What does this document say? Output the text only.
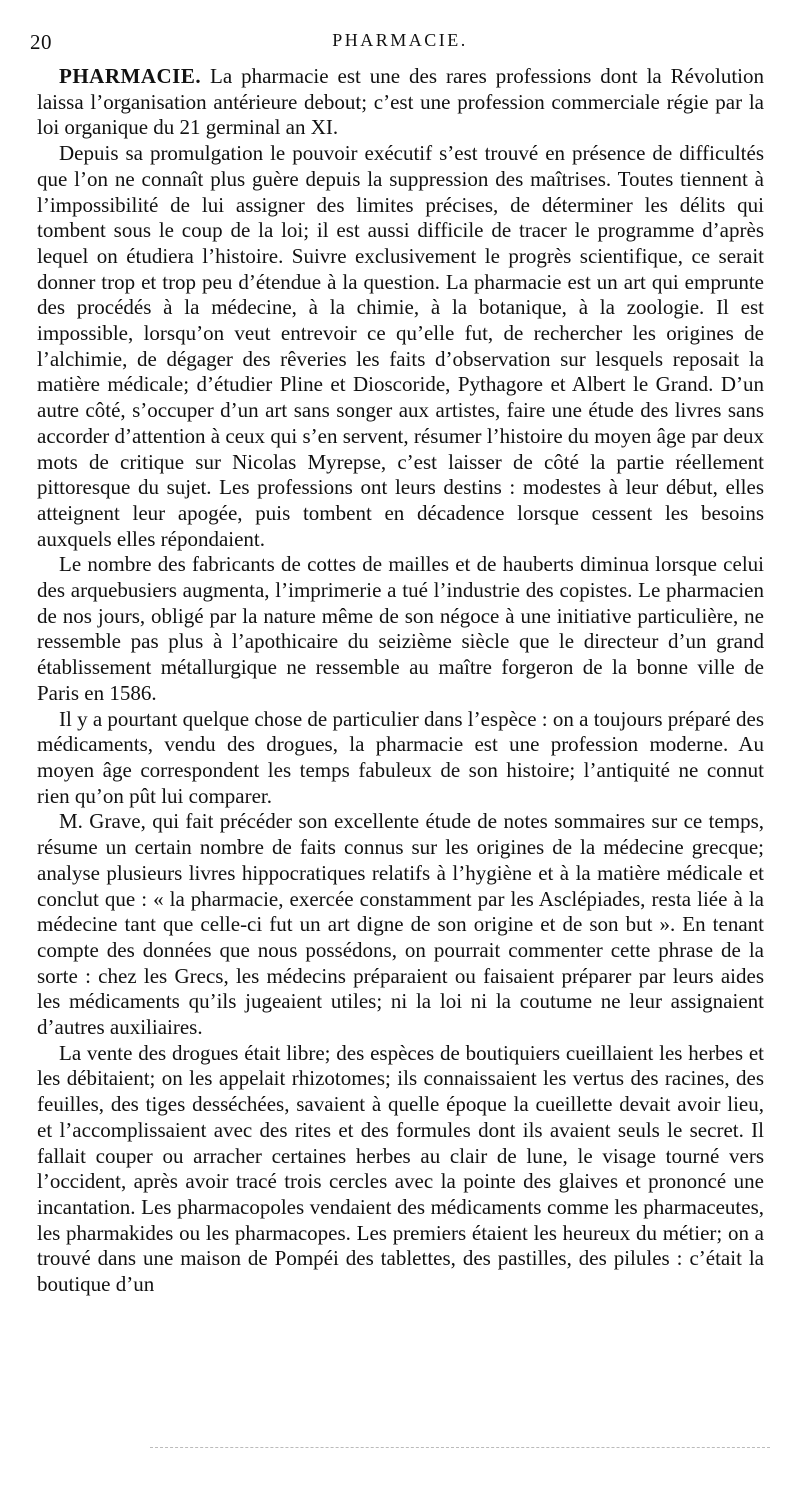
20	PHARMACIE.

PHARMACIE. La pharmacie est une des rares professions dont la Révolution laissa l’organisation antérieure debout; c’est une profession commerciale régie par la loi organique du 21 germinal an XI.

Depuis sa promulgation le pouvoir exécutif s’est trouvé en présence de difficultés que l’on ne connaît plus guère depuis la suppression des maîtrises. Toutes tiennent à l’impossibilité de lui assigner des limites précises, de déterminer les délits qui tombent sous le coup de la loi; il est aussi difficile de tracer le programme d’après lequel on étudiera l’histoire. Suivre exclusivement le progrès scientifique, ce serait donner trop et trop peu d’étendue à la question. La pharmacie est un art qui emprunte des procédés à la médecine, à la chimie, à la botanique, à la zoologie. Il est impossible, lorsqu’on veut entrevoir ce qu’elle fut, de rechercher les origines de l’alchimie, de dégager des rêveries les faits d’observation sur lesquels reposait la matière médicale; d’étudier Pline et Dioscoride, Pythagore et Albert le Grand. D’un autre côté, s’occuper d’un art sans songer aux artistes, faire une étude des livres sans accorder d’attention à ceux qui s’en servent, résumer l’histoire du moyen âge par deux mots de critique sur Nicolas Myrepse, c’est laisser de côté la partie réellement pittoresque du sujet. Les professions ont leurs destins : modestes à leur début, elles atteignent leur apogée, puis tombent en décadence lorsque cessent les besoins auxquels elles répondaient.

Le nombre des fabricants de cottes de mailles et de hauberts diminua lorsque celui des arquebusiers augmenta, l’imprimerie a tué l’industrie des copistes. Le pharmacien de nos jours, obligé par la nature même de son négoce à une initiative particulière, ne ressemble pas plus à l’apothicaire du seizième siècle que le directeur d’un grand établissement métallurgique ne ressemble au maître forgeron de la bonne ville de Paris en 1586.

Il y a pourtant quelque chose de particulier dans l’espèce : on a toujours préparé des médicaments, vendu des drogues, la pharmacie est une profession moderne. Au moyen âge correspondent les temps fabuleux de son histoire; l’antiquité ne connut rien qu’on pût lui comparer.

M. Grave, qui fait précéder son excellente étude de notes sommaires sur ce temps, résume un certain nombre de faits connus sur les origines de la médecine grecque; analyse plusieurs livres hippocratiques relatifs à l’hygiène et à la matière médicale et conclut que : « la pharmacie, exercée constamment par les Asclépiades, resta liée à la médecine tant que celle-ci fut un art digne de son origine et de son but ». En tenant compte des données que nous possédons, on pourrait commenter cette phrase de la sorte : chez les Grecs, les médecins préparaient ou faisaient préparer par leurs aides les médicaments qu’ils jugeaient utiles; ni la loi ni la coutume ne leur assignaient d’autres auxiliaires.

La vente des drogues était libre; des espèces de boutiquiers cueillaient les herbes et les débitaient; on les appelait rhizotomes; ils connaissaient les vertus des racines, des feuilles, des tiges desséchées, savaient à quelle époque la cueillette devait avoir lieu, et l’accomplissaient avec des rites et des formules dont ils avaient seuls le secret. Il fallait couper ou arracher certaines herbes au clair de lune, le visage tourné vers l’occident, après avoir tracé trois cercles avec la pointe des glaives et prononcé une incantation. Les pharmacopoles vendaient des médicaments comme les pharmaceutes, les pharmakides ou les pharmacopes. Les premiers étaient les heureux du métier; on a trouvé dans une maison de Pompéi des tablettes, des pastilles, des pilules : c’était la boutique d’un
